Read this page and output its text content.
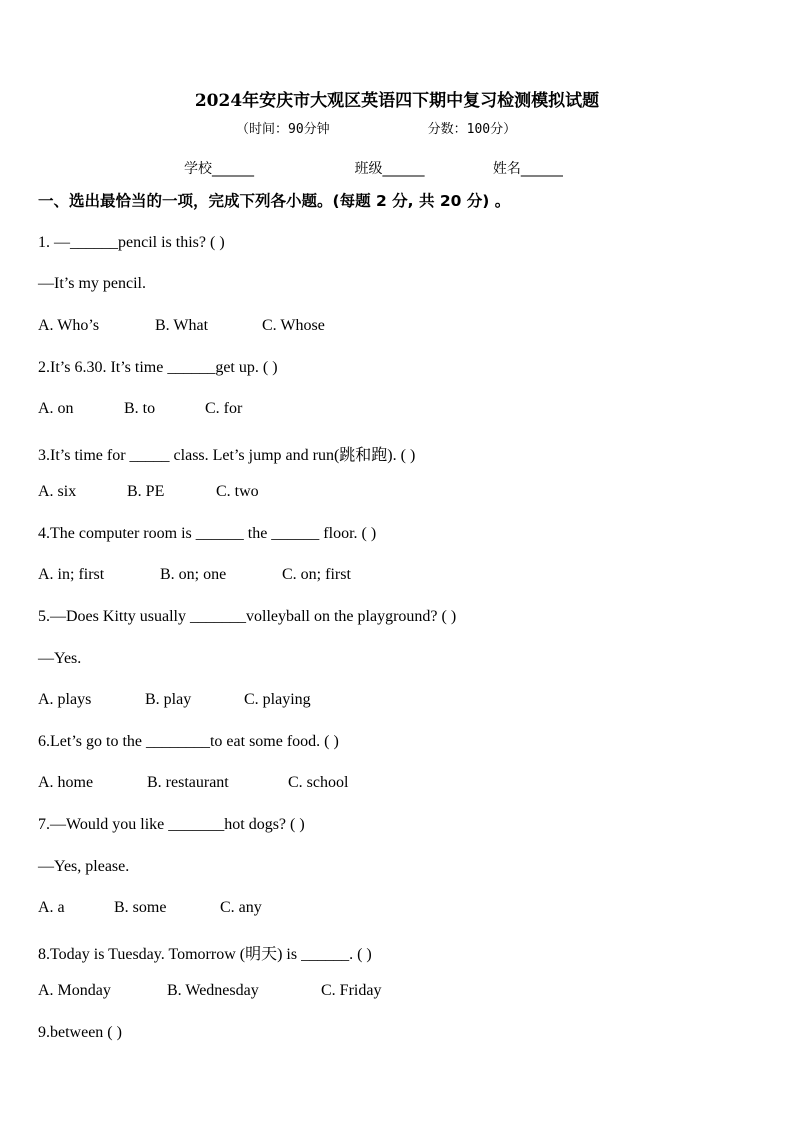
2024年安庆市大观区英语四下期中复习检测模拟试题
（时间：90分钟	分数：100分）
学校______	班级______	姓名______
一、选出最恰当的一项，完成下列各小题。(每题 2 分, 共 20 分) 。
1. —______pencil is this? ( )
—It’s my pencil.
A. Who’s	B. What	C. Whose
2.It’s 6.30. It’s time ______get up. ( )
A. on	B. to	C. for
3.It’s time for _____ class. Let’s jump and run(跳和跑). ( )
A. six	B. PE	C. two
4.The computer room is ______ the ______ floor. ( )
A. in; first	B. on; one	C. on; first
5.—Does Kitty usually _______volleyball on the playground? ( )
—Yes.
A. plays	B. play	C. playing
6.Let’s go to the ________to eat some food. ( )
A. home	B. restaurant	C. school
7.—Would you like _______hot dogs? ( )
—Yes, please.
A. a	B. some	C. any
8.Today is Tuesday. Tomorrow (明天) is ______. ( )
A. Monday	B. Wednesday	C. Friday
9.between ( )
